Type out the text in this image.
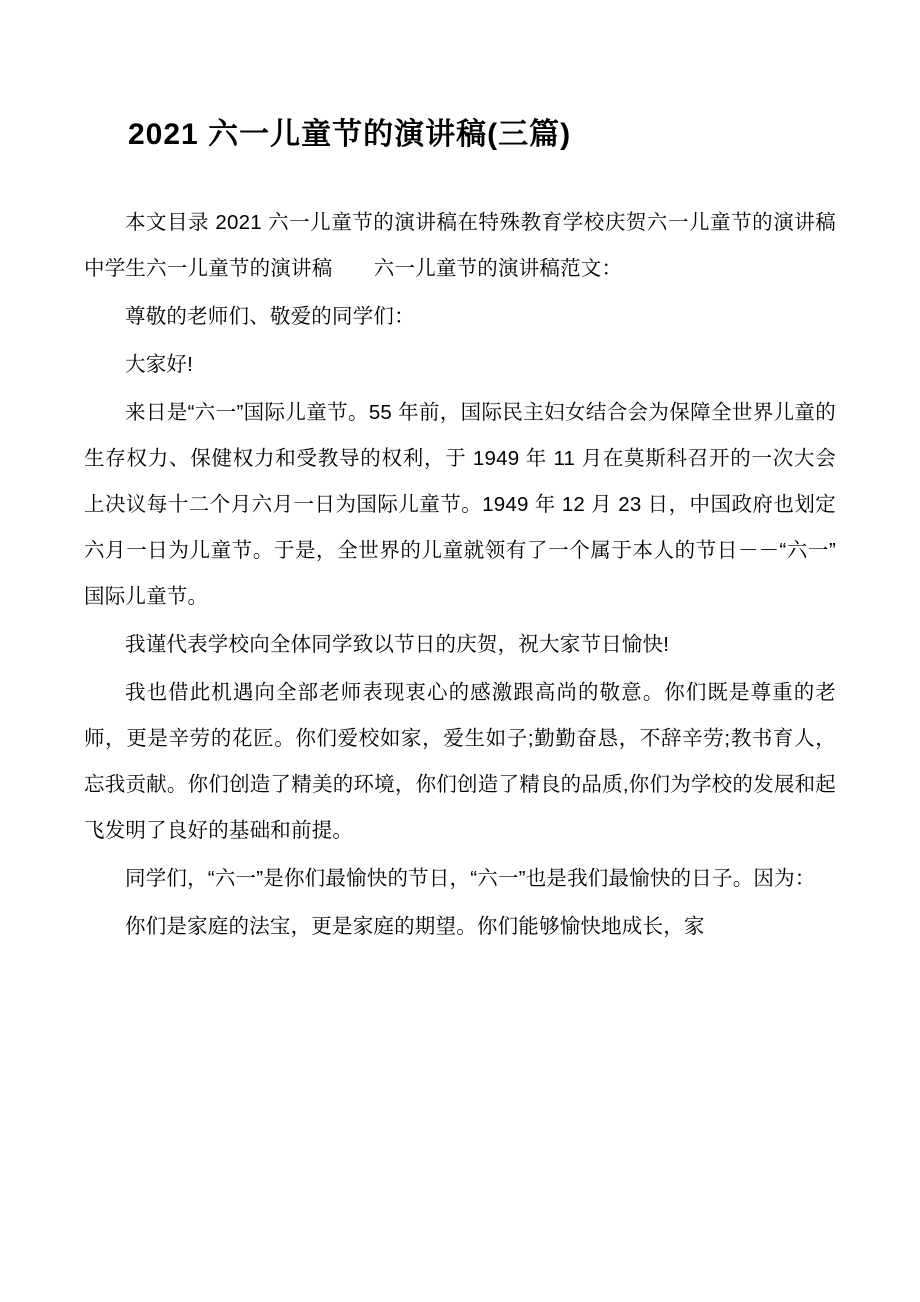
2021 六一儿童节的演讲稿(三篇)

本文目录 2021 六一儿童节的演讲稿在特殊教育学校庆贺六一儿童节的演讲稿中学生六一儿童节的演讲稿　　六一儿童节的演讲稿范文：

尊敬的老师们、敬爱的同学们：

大家好!

来日是“六一”国际儿童节。55 年前，国际民主妇女结合会为保障全世界儿童的生存权力、保健权力和受教导的权利，于 1949 年 11 月在莫斯科召开的一次大会上决议每十二个月六月一日为国际儿童节。1949 年 12 月 23 日，中国政府也划定六月一日为儿童节。于是，全世界的儿童就领有了一个属于本人的节日－－“六一”国际儿童节。

我谨代表学校向全体同学致以节日的庆贺，祝大家节日愉快!

我也借此机遇向全部老师表现衷心的感激跟高尚的敬意。你们既是尊重的老师，更是辛劳的花匠。你们爱校如家，爱生如子;勤勤奋恳，不辞辛劳;教书育人，忘我贡献。你们创造了精美的环境，你们创造了精良的品质,你们为学校的发展和起飞发明了良好的基础和前提。

同学们，“六一”是你们最愉快的节日，“六一”也是我们最愉快的日子。因为：

你们是家庭的法宝，更是家庭的期望。你们能够愉快地成长，家
